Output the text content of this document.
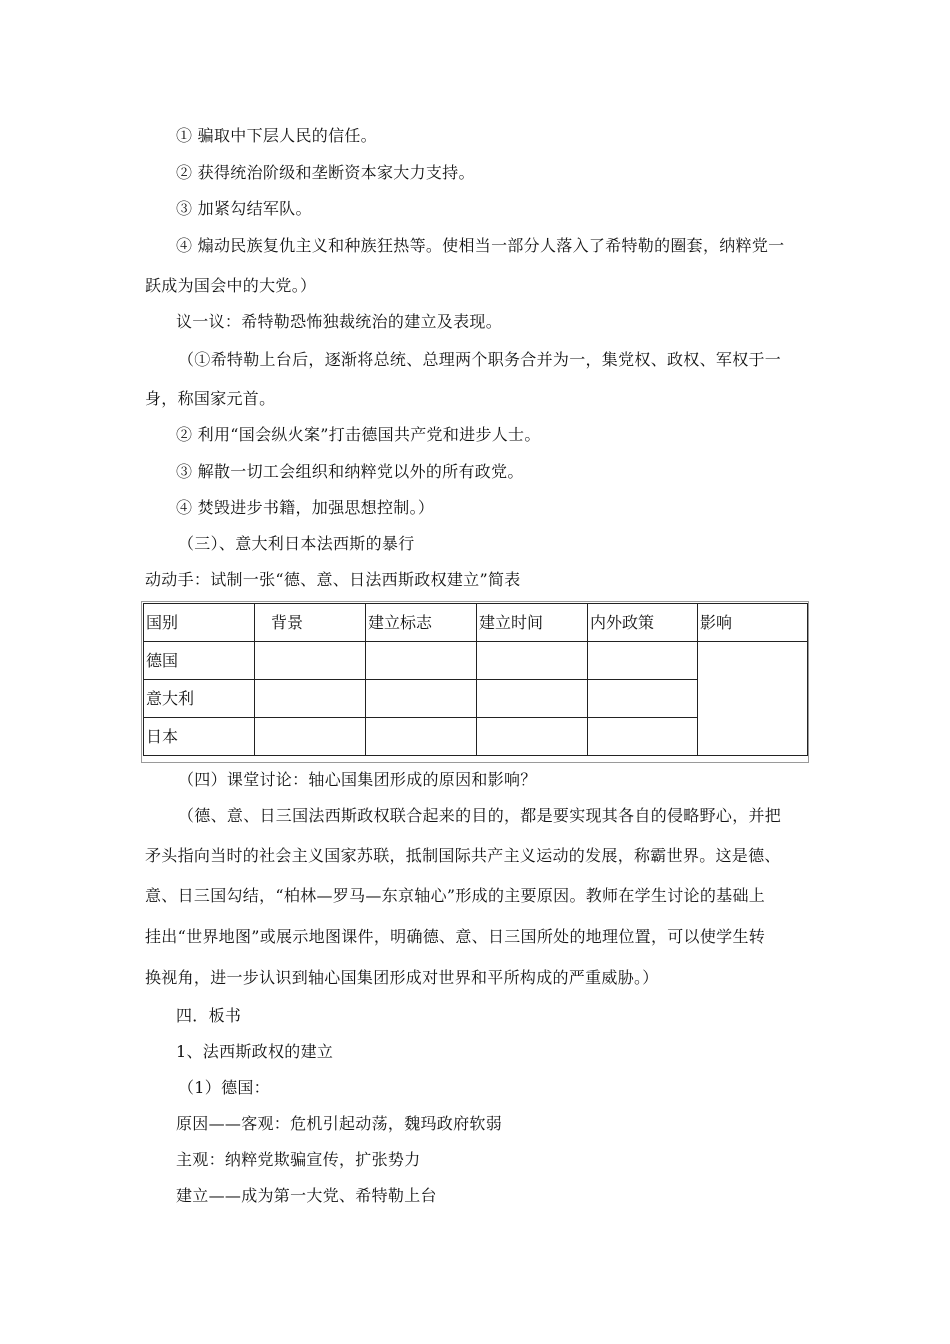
① 骗取中下层人民的信任。
② 获得统治阶级和垄断资本家大力支持。
③ 加紧勾结军队。
④ 煽动民族复仇主义和种族狂热等。使相当一部分人落入了希特勒的圈套，纳粹党一
跃成为国会中的大党。）
议一议：希特勒恐怖独裁统治的建立及表现。
（①希特勒上台后，逐渐将总统、总理两个职务合并为一，集党权、政权、军权于一
身，称国家元首。
② 利用“国会纵火案”打击德国共产党和进步人士。
③ 解散一切工会组织和纳粹党以外的所有政党。
④ 焚毁进步书籍，加强思想控制。）
（三）、意大利日本法西斯的暴行
动动手：试制一张“德、意、日法西斯政权建立”简表
国别	背景	建立标志	建立时间	内外政策	影响
德国					
意大利					
日本					
（四）课堂讨论：轴心国集团形成的原因和影响？
（德、意、日三国法西斯政权联合起来的目的，都是要实现其各自的侵略野心，并把
矛头指向当时的社会主义国家苏联，抵制国际共产主义运动的发展，称霸世界。这是德、
意、日三国勾结，“柏林—罗马—东京轴心”形成的主要原因。教师在学生讨论的基础上
挂出“世界地图”或展示地图课件，明确德、意、日三国所处的地理位置，可以使学生转
换视角，进一步认识到轴心国集团形成对世界和平所构成的严重威胁。）
四．板书
1、法西斯政权的建立
（1）德国：
原因——客观：危机引起动荡，魏玛政府软弱
主观：纳粹党欺骗宣传，扩张势力
建立——成为第一大党、希特勒上台
